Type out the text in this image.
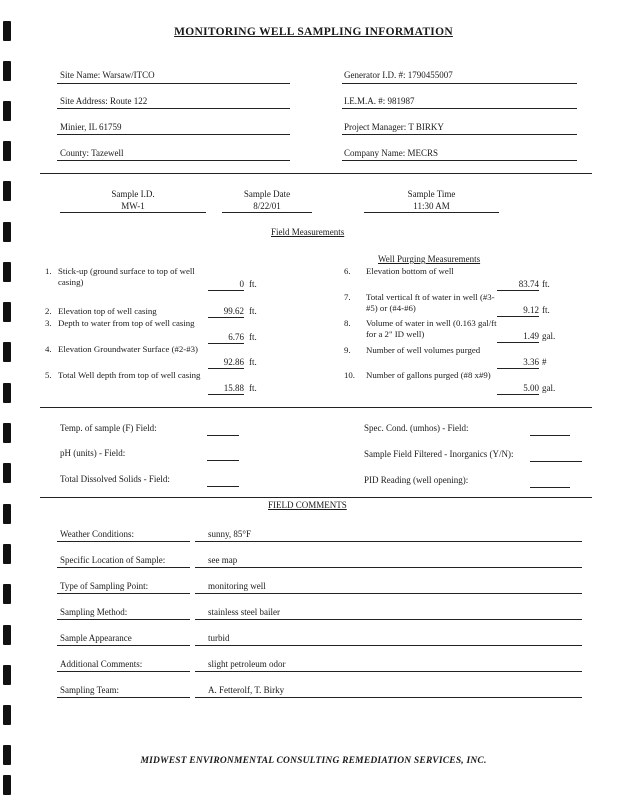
MONITORING WELL SAMPLING INFORMATION
Site Name: Warsaw/ITCO	Generator I.D. #: 1790455007
Site Address: Route 122	I.E.M.A. #: 981987
Minier, IL 61759	Project Manager: T BIRKY
County: Tazewell	Company Name: MECRS
Sample I.D.
MW-1
Sample Date
8/22/01
Sample Time
11:30 AM
Field Measurements
Well Purging Measurements
1. Stick-up (ground surface to top of well casing)	0 ft.
2. Elevation top of well casing	99.62 ft.
3. Depth to water from top of well casing
6.76 ft.
4. Elevation Groundwater Surface (#2-#3)
92.86 ft.
5. Total Well depth from top of well casing
15.88 ft.
6. Elevation bottom of well
83.74 ft.
7. Total vertical ft of water in well (#3-#5) or (#4-#6)	9.12 ft.
8. Volume of water in well (0.163 gal/ft for a 2" ID well)	1.49 gal.
9. Number of well volumes purged
3.36 #
10. Number of gallons purged (#8 x#9)
5.00 gal.
Temp. of sample (F) Field:	Spec. Cond. (umhos) - Field:
pH (units) - Field:	Sample Field Filtered - Inorganics (Y/N):
Total Dissolved Solids - Field:	PID Reading (well opening):
FIELD COMMENTS
Weather Conditions:	sunny, 85°F
Specific Location of Sample:	see map
Type of Sampling Point:	monitoring well
Sampling Method:	stainless steel bailer
Sample Appearance	turbid
Additional Comments:	slight petroleum odor
Sampling Team:	A. Fetterolf, T. Birky
MIDWEST ENVIRONMENTAL CONSULTING REMEDIATION SERVICES, INC.
